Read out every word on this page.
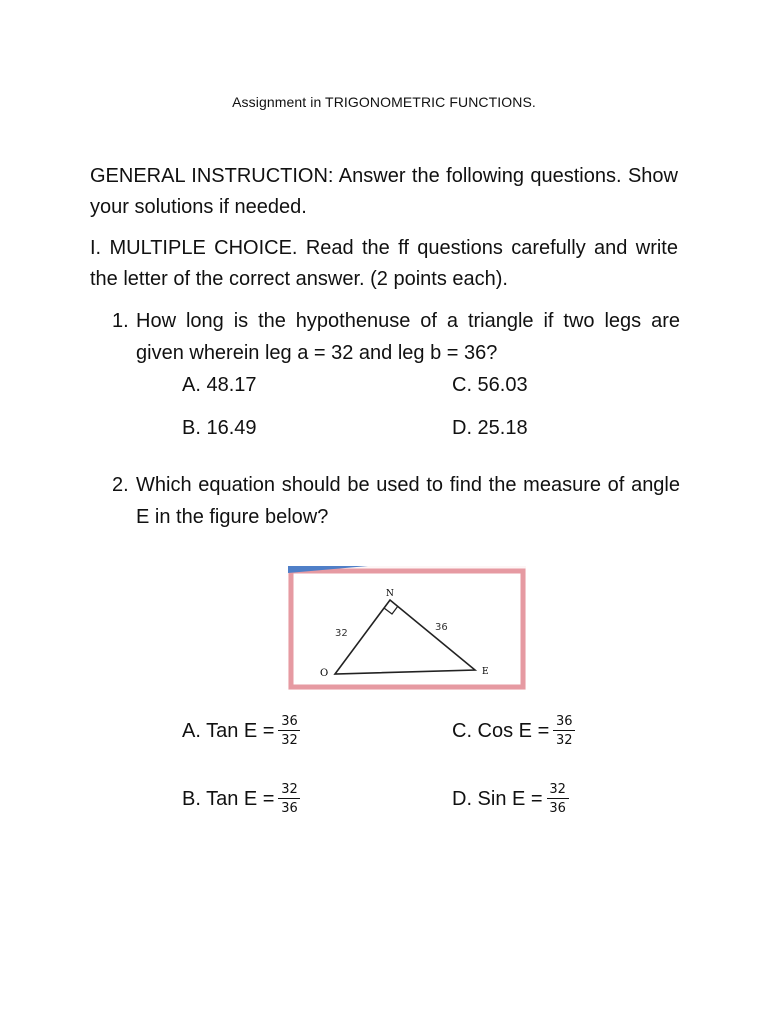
Assignment in TRIGONOMETRIC FUNCTIONS.
GENERAL INSTRUCTION: Answer the following questions. Show your solutions if needed.
I. MULTIPLE CHOICE. Read the ff questions carefully and write the letter of the correct answer. (2 points each).
1. How long is the hypothenuse of a triangle if two legs are given wherein leg a = 32 and leg b = 36?
A. 48.17	C. 56.03
B. 16.49	D. 25.18
2. Which equation should be used to find the measure of angle E in the figure below?
N
O	E
32
36
A. Tan $E = \frac{36}{32}$	C. Cos $E = \frac{36}{32}$
B. Tan $E = \frac{32}{36}$	D. Sin $E = \frac{32}{36}$
